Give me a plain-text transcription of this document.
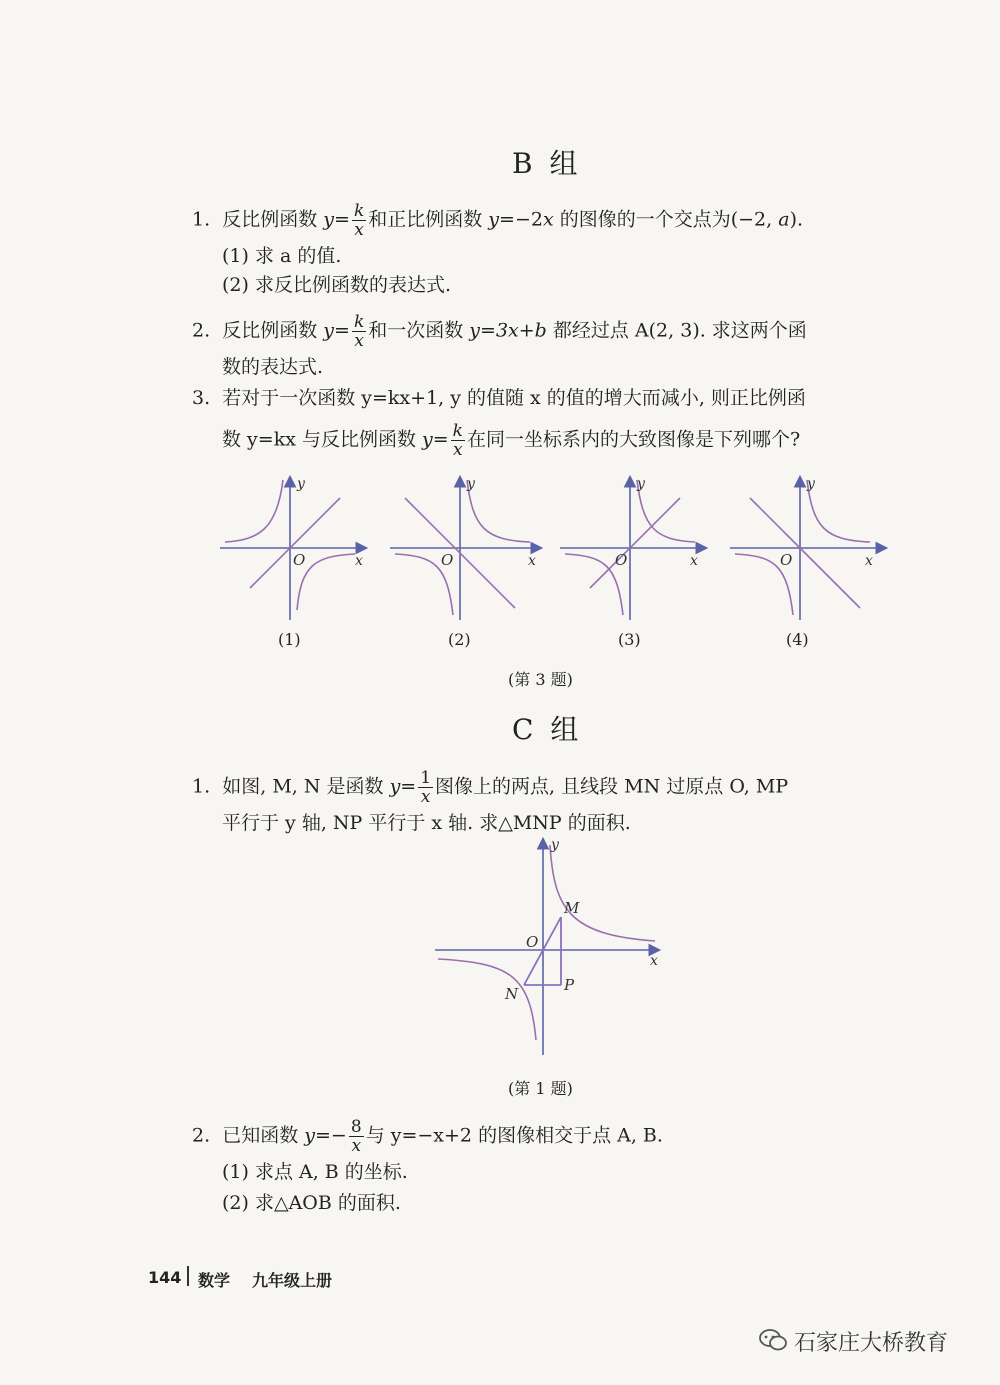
B 组
1. 反比例函数 $y= \frac{k}{x}$ 和正比例函数 y=−2x 的图像的一个交点为(−2, a).
(1) 求 a 的值.
(2) 求反比例函数的表达式.
2. 反比例函数 $y= \frac{k}{x}$ 和一次函数 y=3x+b 都经过点 A(2, 3). 求这两个函
数的表达式.
3. 若对于一次函数 y=kx+1, y 的值随 x 的值的增大而减小, 则正比例函
数 y=kx 与反比例函数 $y= \frac{k}{x}$ 在同一坐标系内的大致图像是下列哪个?
y
O	x
y
O	x
y
O	x
y
O	x
(1)	(2)	(3)	(4)
(第 3 题)
C 组
1. 如图, M, N 是函数 $y= \frac{1}{x}$ 图像上的两点, 且线段 MN 过原点 O, MP
平行于 y 轴, NP 平行于 x 轴. 求△MNP 的面积.
y
x
O
M
N	P
(第 1 题)
2. 已知函数 $y=- \frac{8}{x}$ 与 y=−x+2 的图像相交于点 A, B.
(1) 求点 A, B 的坐标.
(2) 求△AOB 的面积.
144 数学 九年级上册
石家庄大桥教育
